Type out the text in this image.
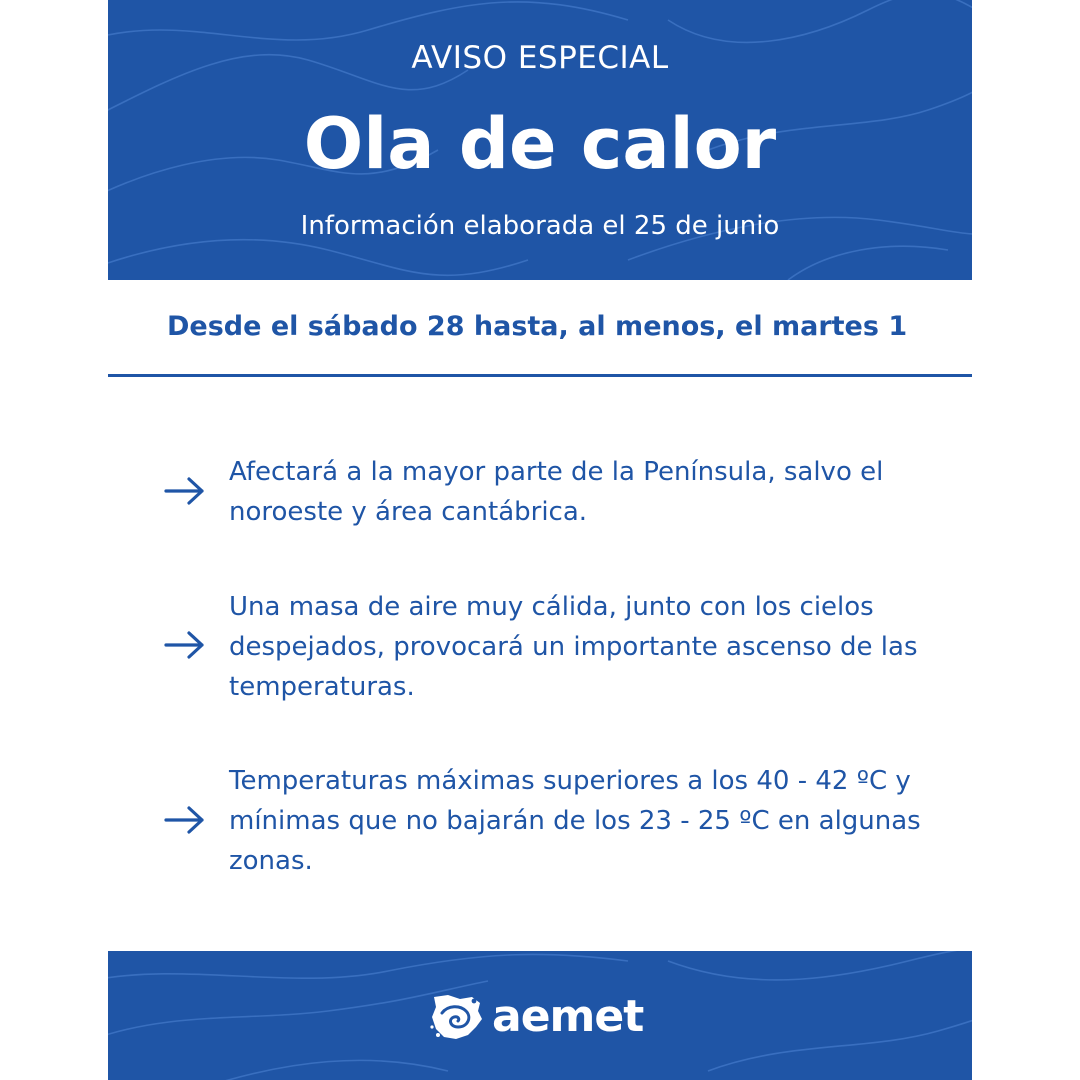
AVISO ESPECIAL
Ola de calor
Información elaborada el 25 de junio
Desde el sábado 28 hasta, al menos, el martes 1
Afectará a la mayor parte de la Península, salvo el noroeste y área cantábrica.
Una masa de aire muy cálida, junto con los cielos despejados, provocará un importante ascenso de las temperaturas.
Temperaturas máximas superiores a los 40 - 42 ºC y mínimas que no bajarán de los 23 - 25 ºC en algunas zonas.
aemet
